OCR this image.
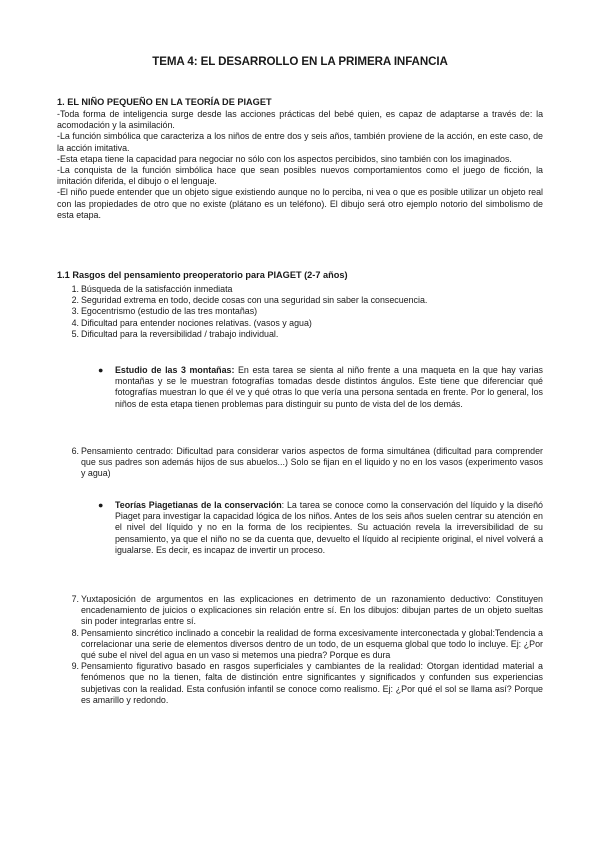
TEMA 4: EL DESARROLLO EN LA PRIMERA INFANCIA
1. EL NIÑO PEQUEÑO EN LA TEORÍA DE PIAGET

-Toda forma de inteligencia surge desde las acciones prácticas del bebé quien, es capaz de adaptarse a través de: la acomodación y la asimilación.

-La función simbólica que caracteriza a los niños de entre dos y seis años, también proviene de la acción, en este caso, de la acción imitativa.

-Esta etapa tiene la capacidad para negociar no sólo con los aspectos percibidos, sino también con los imaginados.

-La conquista de la función simbólica hace que sean posibles nuevos comportamientos como el juego de ficción, la imitación diferida, el dibujo o el lenguaje.

-El niño puede entender que un objeto sigue existiendo aunque no lo perciba, ni vea o que es posible utilizar un objeto real con las propiedades de otro que no existe (plátano es un teléfono). El dibujo será otro ejemplo notorio del simbolismo de esta etapa.

1.1 Rasgos del pensamiento preoperatorio para PIAGET (2-7 años)
1. Búsqueda de la satisfacción inmediata
2. Seguridad extrema en todo, decide cosas con una seguridad sin saber la consecuencia.
3. Egocentrismo (estudio de las tres montañas)
4. Dificultad para entender nociones relativas. (vasos y agua)
5. Dificultad para la reversibilidad / trabajo individual.
● Estudio de las 3 montañas: En esta tarea se sienta al niño frente a una maqueta en la que hay varias montañas y se le muestran fotografías tomadas desde distintos ángulos. Este tiene que diferenciar qué fotografías muestran lo que él ve y qué otras lo que vería una persona sentada en frente. Por lo general, los niños de esta etapa tienen problemas para distinguir su punto de vista del de los demás.
6. Pensamiento centrado: Dificultad para considerar varios aspectos de forma simultánea (dificultad para comprender que sus padres son además hijos de sus abuelos...) Solo se fijan en el liquido y no en los vasos (experimento vasos y agua)
● Teorías Piagetianas de la conservación: La tarea se conoce como la conservación del líquido y la diseñó Piaget para investigar la capacidad lógica de los niños. Antes de los seis años suelen centrar su atención en el nivel del líquido y no en la forma de los recipientes. Su actuación revela la irreversibilidad de su pensamiento, ya que el niño no se da cuenta que, devuelto el líquido al recipiente original, el nivel volverá a igualarse. Es decir, es incapaz de invertir un proceso.
7. Yuxtaposición de argumentos en las explicaciones en detrimento de un razonamiento deductivo: Constituyen encadenamiento de juicios o explicaciones sin relación entre sí. En los dibujos: dibujan partes de un objeto sueltas sin poder integrarlas entre sí.
8. Pensamiento sincrético inclinado a concebir la realidad de forma excesivamente interconectada y global:Tendencia a correlacionar una serie de elementos diversos dentro de un todo, de un esquema global que todo lo incluye. Ej: ¿Por qué sube el nivel del agua en un vaso si metemos una piedra? Porque es dura
9. Pensamiento figurativo basado en rasgos superficiales y cambiantes de la realidad: Otorgan identidad material a fenómenos que no la tienen, falta de distinción entre significantes y significados y confunden sus experiencias subjetivas con la realidad. Esta confusión infantil se conoce como realismo. Ej: ¿Por qué el sol se llama así? Porque es amarillo y redondo.
